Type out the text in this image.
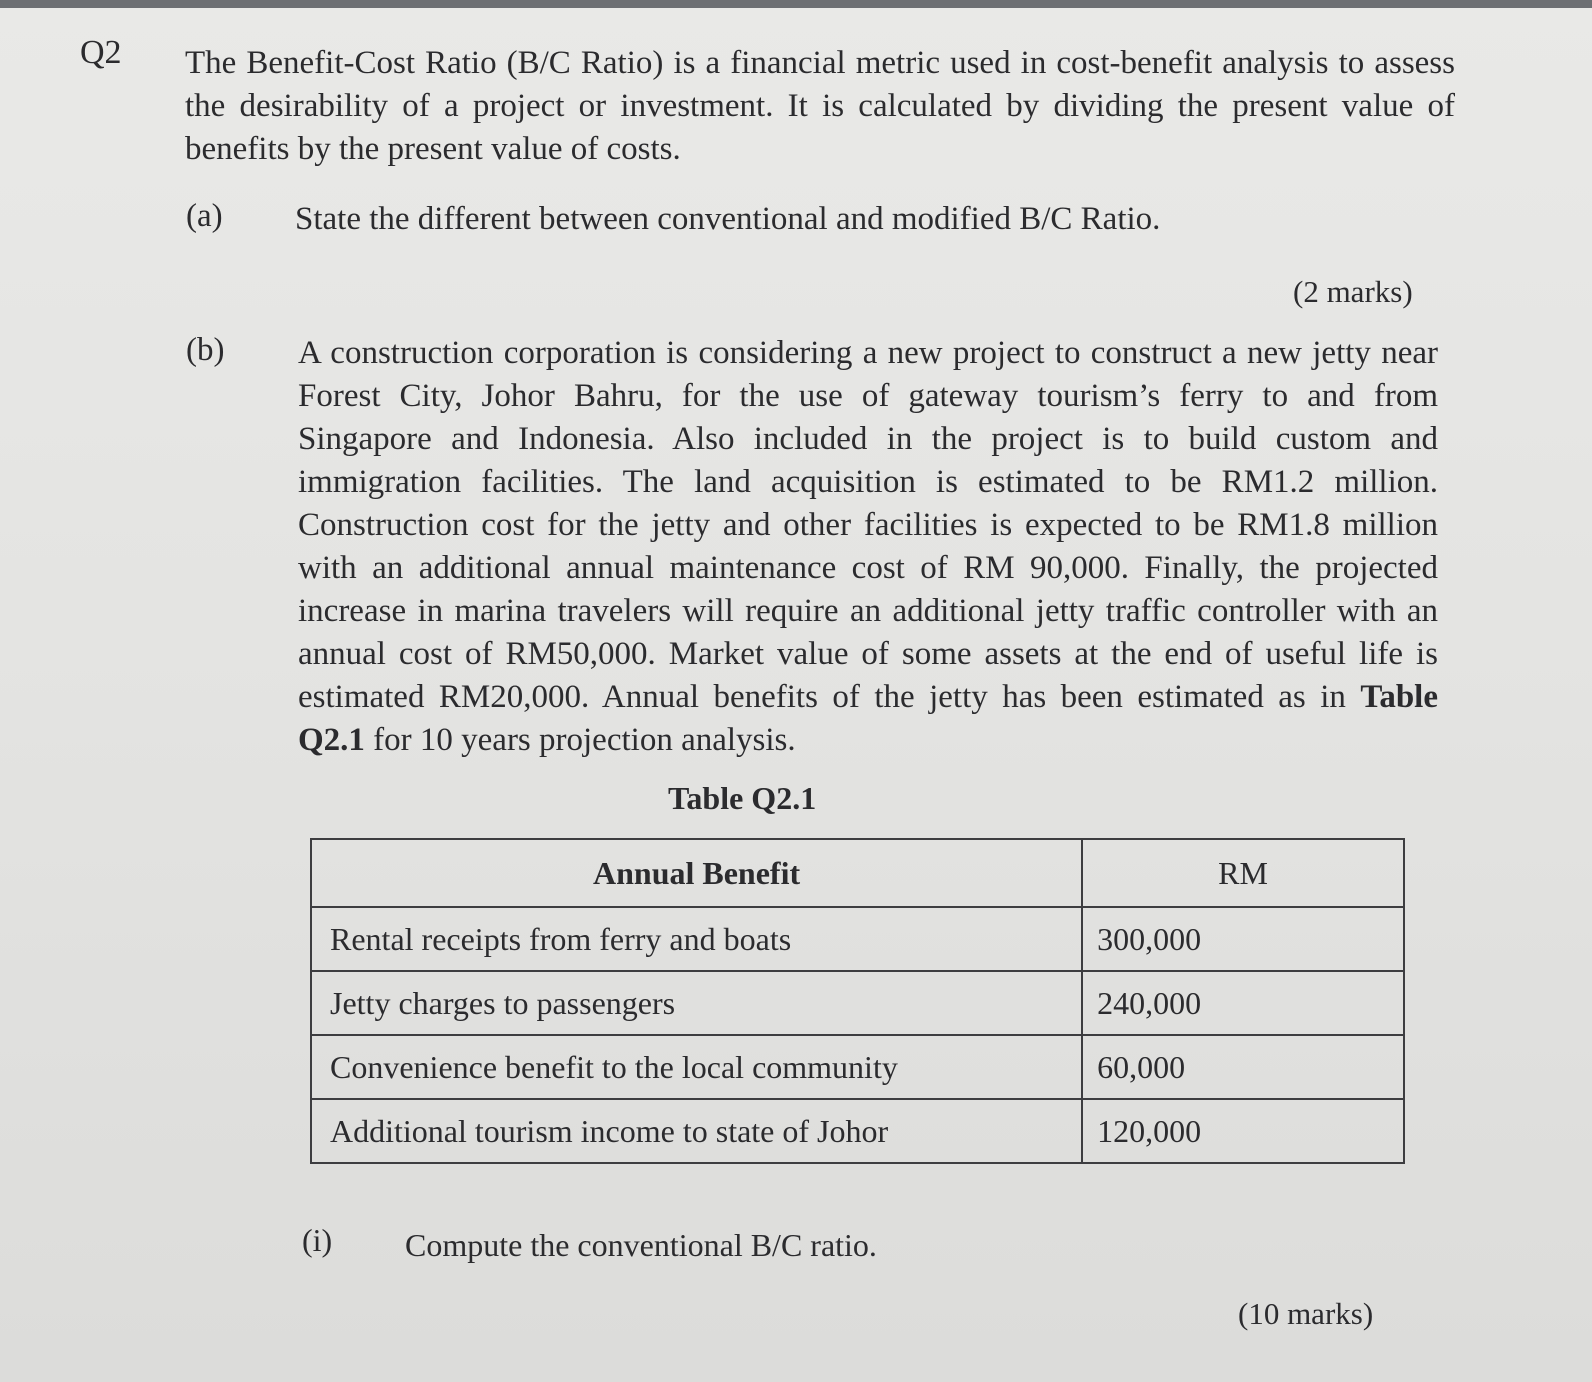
Q2 The Benefit-Cost Ratio (B/C Ratio) is a financial metric used in cost-benefit analysis to assess the desirability of a project or investment. It is calculated by dividing the present value of benefits by the present value of costs.
(a) State the different between conventional and modified B/C Ratio.
(2 marks)
(b) A construction corporation is considering a new project to construct a new jetty near Forest City, Johor Bahru, for the use of gateway tourism’s ferry to and from Singapore and Indonesia. Also included in the project is to build custom and immigration facilities. The land acquisition is estimated to be RM1.2 million. Construction cost for the jetty and other facilities is expected to be RM1.8 million with an additional annual maintenance cost of RM 90,000. Finally, the projected increase in marina travelers will require an additional jetty traffic controller with an annual cost of RM50,000. Market value of some assets at the end of useful life is estimated RM20,000. Annual benefits of the jetty has been estimated as in Table Q2.1 for 10 years projection analysis.
Table Q2.1
Annual Benefit	RM
Rental receipts from ferry and boats	300,000
Jetty charges to passengers	240,000
Convenience benefit to the local community	60,000
Additional tourism income to state of Johor	120,000
(i) Compute the conventional B/C ratio.
(10 marks)
